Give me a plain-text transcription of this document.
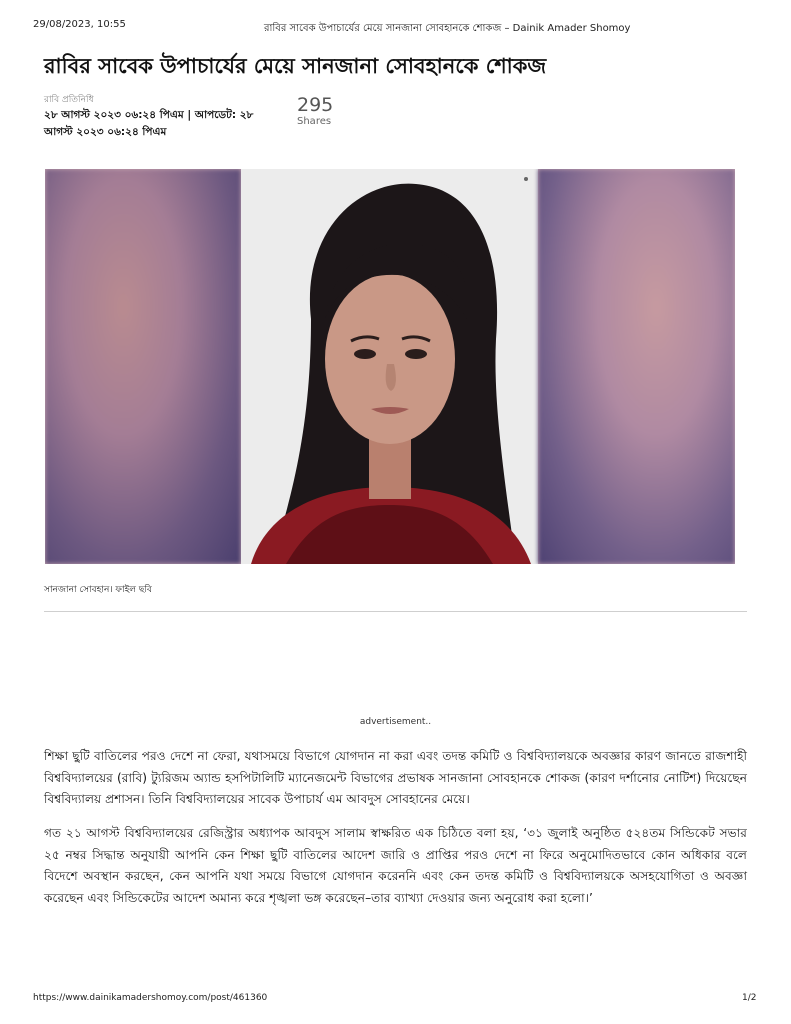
29/08/2023, 10:55	রাবির সাবেক উপাচার্যের মেয়ে সানজানা সোবহানকে শোকজ – Dainik Amader Shomoy
রাবির সাবেক উপাচার্যের মেয়ে সানজানা সোবহানকে শোকজ
রাবি প্রতিনিধি
২৮ আগস্ট ২০২৩ ০৬:২৪ পিএম | আপডেট: ২৮ আগস্ট ২০২৩ ০৬:২৪ পিএম
295
Shares
সানজানা সোবহান। ফাইল ছবি
advertisement..
শিক্ষা ছুটি বাতিলের পরও দেশে না ফেরা, যথাসময়ে বিভাগে যোগদান না করা এবং তদন্ত কমিটি ও বিশ্ববিদ্যালয়কে অবজ্ঞার কারণ জানতে রাজশাহী বিশ্ববিদ্যালয়ের (রাবি) ট্যুরিজম অ্যান্ড হসপিটালিটি ম্যানেজমেন্ট বিভাগের প্রভাষক সানজানা সোবহানকে শোকজ (কারণ দর্শানোর নোটিশ) দিয়েছেন বিশ্ববিদ্যালয় প্রশাসন। তিনি বিশ্ববিদ্যালয়ের সাবেক উপাচার্য এম আবদুস সোবহানের মেয়ে।
গত ২১ আগস্ট বিশ্ববিদ্যালয়ের রেজিস্ট্রার অধ্যাপক আবদুস সালাম স্বাক্ষরিত এক চিঠিতে বলা হয়, ‘৩১ জুলাই অনুষ্ঠিত ৫২৪তম সিন্ডিকেট সভার ২৫ নম্বর সিদ্ধান্ত অনুযায়ী আপনি কেন শিক্ষা ছুটি বাতিলের আদেশ জারি ও প্রাপ্তির পরও দেশে না ফিরে অনুমোদিতভাবে কোন অধিকার বলে বিদেশে অবস্থান করছেন, কেন আপনি যথা সময়ে বিভাগে যোগদান করেননি এবং কেন তদন্ত কমিটি ও বিশ্ববিদ্যালয়কে অসহযোগিতা ও অবজ্ঞা করেছেন এবং সিন্ডিকেটের আদেশ অমান্য করে শৃঙ্খলা ভঙ্গ করেছেন–তার ব্যাখ্যা দেওয়ার জন্য অনুরোধ করা হলো।’
https://www.dainikamadershomoy.com/post/461360	1/2
